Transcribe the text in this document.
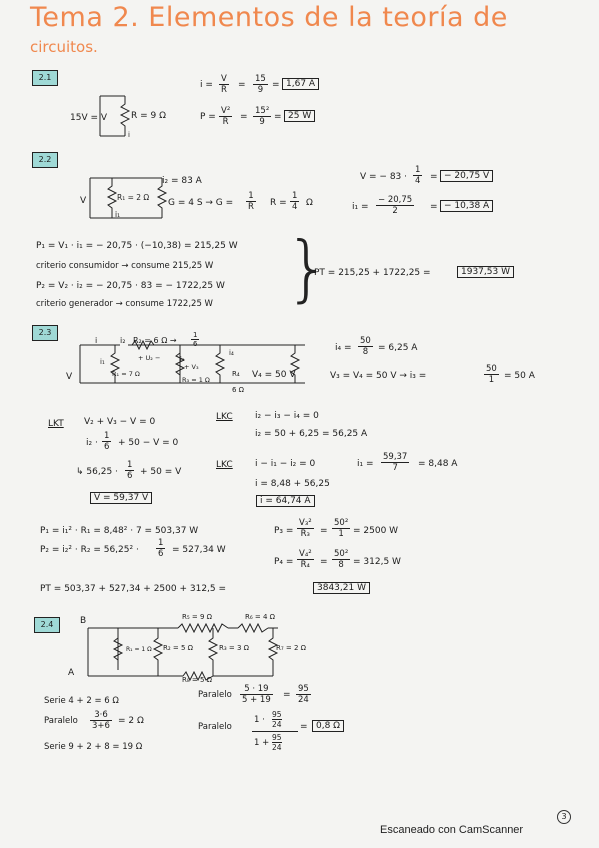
Tema 2. Elementos de la teoría de
circuitos.
2.1
15V = V	R = 9 Ω
i
$i = \frac{V}{R} = \frac{15}{9} = 1,67$ A
$P = \frac{\text{V²}}{R} = \frac{\text{15²}}{9} = 25$ W
2.2
V	R₁ = 2 Ω
i₁
i₂ = 83 A
G = 4 $S \to G = \frac{1}{R}$ $R = \frac{1}{4}$ Ω
V = − $83 \cdot \frac{1}{4}$ = − 20,75 V
$i_1 = \frac{- 20,75}{2}$ = − 10,38 A
P₁ = V₁ · i₁ = − 20,75 · (−10,38) = 215,25 W
criterio consumidor → consume 215,25 W
P₂ = V₂ · i₂ = − 20,75 · 83 = − 1722,25 W
criterio generador → consume 1722,25 W }
PT = 215,25 + 1722,25 =	1937,53 W
2.3
i	i₂ R₂ = 6 $\Omega \to \frac{1}{6}$
i₁
R₁ = 7 Ω
+ U₂ −	i₃
+ V₃
R₃ = 1 Ω
i₄
R₄
6 Ω
V₄ = 50 V
V
$i_4 = \frac{50}{8} = 6,25$ A
V₃ = V₄ = 50 V → i₃ =	$\frac{50}{1} = 50$ A
LKT V₂ + V₃ − V = 0
$i_2 \cdot \frac{1}{6} + 50 - V = 0$
↳ $56,25 \cdot \frac{1}{6} + 50 = V$
V = 59,37 V
LKC i₂ − i₃ − i₄ = 0
i₂ = 50 + 6,25 = 56,25 A
LKC i − i₁ − i₂ = 0	$i_1 = \frac{59,37}{7} = 8,48$ A
i = 8,48 + 56,25
i = 64,74 A
P₁ = i₁² · R₁ = 8,48² · 7 = 503,37 W
$P_2 = i_2^2 \cdot R_2 = 56,25^2 \cdot \frac{1}{6} = 527,34$ W
$P_3 = \frac{\text{V₃²}}{\text{R₃}} = \frac{\text{50²}}{1} = 2500$ W
$P_4 = \frac{\text{V₄²}}{\text{R₄}} = \frac{\text{50²}}{8} = 312,5$ W
PT = 503,37 + 527,34 + 2500 + 312,5 =	3843,21 W
2.4	B
A
R₅ = 9 Ω	R₆ = 4 Ω
R₁ = 1 Ω R₂ = 5 Ω	R₃ = 3 Ω	R₇ = 2 Ω
R₈ = 5 Ω
Serie 4 + 2 = 6 Ω
Paralelo $\frac{3\cdot 6}{3+6} = 2$ Ω
Serie 9 + 2 + 8 = 19 Ω
Paralelo $\frac{5 \cdot 19}{5 + 19} = \frac{95}{24}$
Paralelo
1 ·
95
24
1 +
95
24
= 0,8 Ω
3
Escaneado con CamScanner
